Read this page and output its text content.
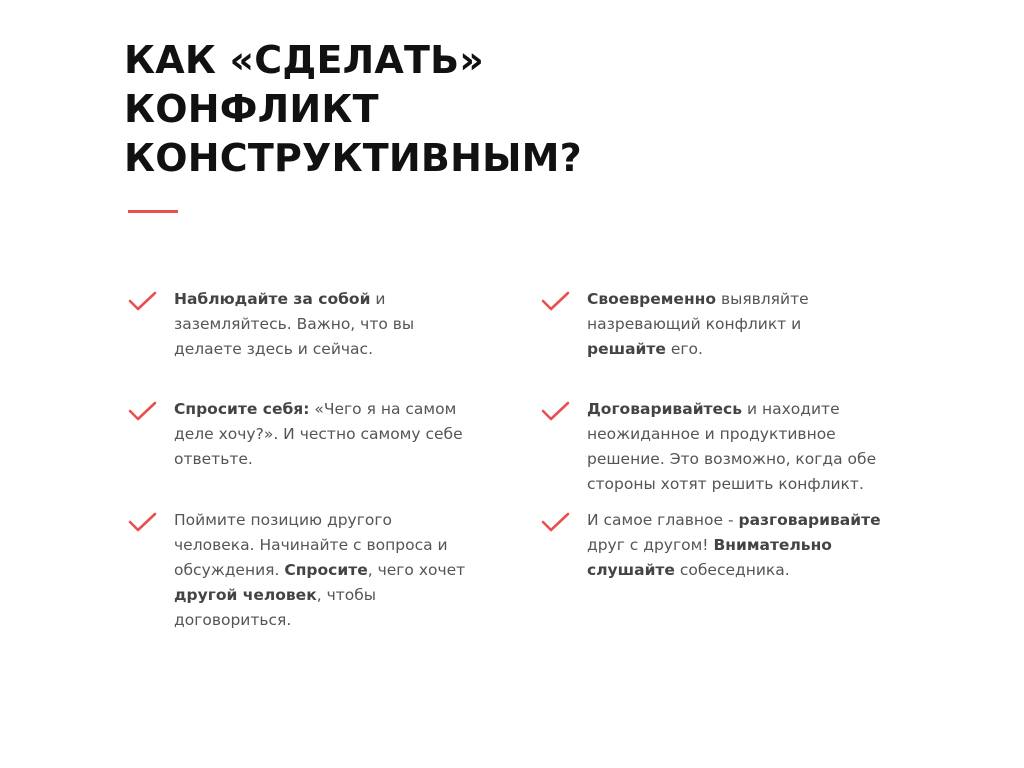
КАК «СДЕЛАТЬ»
КОНФЛИКТ
КОНСТРУКТИВНЫМ?

Наблюдайте за собой и заземляйтесь. Важно, что вы делаете здесь и сейчас.

Своевременно выявляйте назревающий конфликт и решайте его.

Спросите себя: «Чего я на самом деле хочу?». И честно самому себе ответьте.

Договаривайтесь и находите неожиданное и продуктивное решение. Это возможно, когда обе стороны хотят решить конфликт.

Поймите позицию другого человека. Начинайте с вопроса и обсуждения. Спросите, чего хочет другой человек, чтобы договориться.

И самое главное - разговаривайте друг с другом! Внимательно слушайте собеседника.
